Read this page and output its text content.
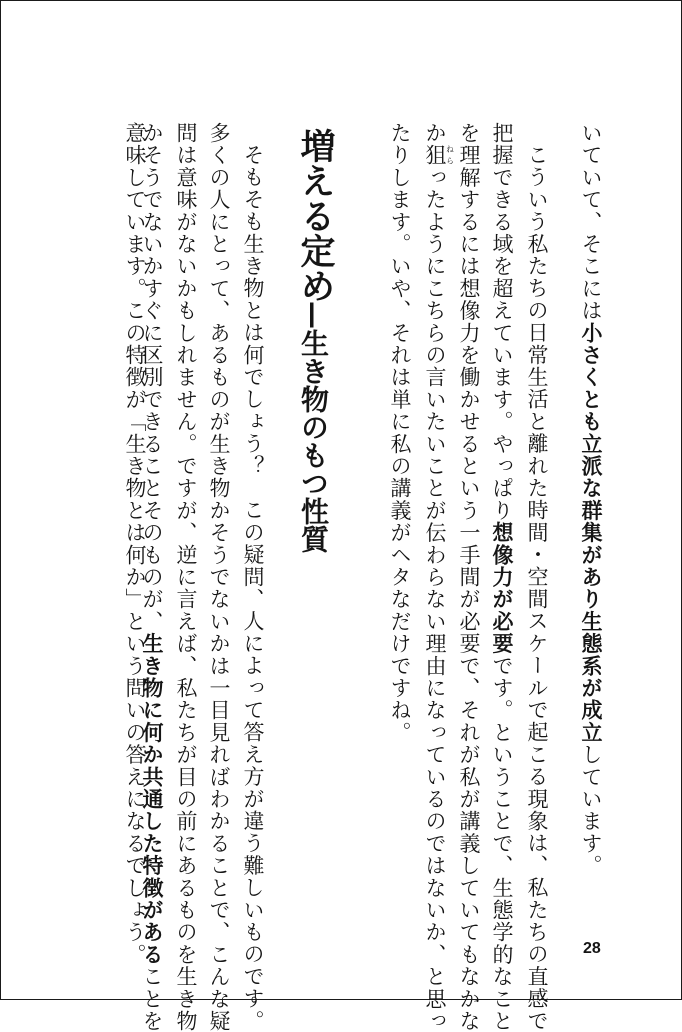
いていて、そこには小さくとも立派な群集があり生態系が成立しています。
こういう私たちの日常生活と離れた時間・空間スケールで起こる現象は、私たちの直感で
把握できる域を超えています。やっぱり想像力が必要です。ということで、生態学的なこと
を理解するには想像力を働かせるという一手間が必要で、それが私が講義していてもなかな
か狙ねらったようにこちらの言いたいことが伝わらない理由になっているのではないか、と思っ
たりします。いや、それは単に私の講義がヘタなだけですね。
増える定め
—生き物のもつ性質
そもそも生き物とは何でしょう？　この疑問、人によって答え方が違う難しいものです。
多くの人にとって、あるものが生き物かそうでないかは一目見ればわかることで、こんな疑
問は意味がないかもしれません。ですが、逆に言えば、私たちが目の前にあるものを生き物
かそうでないかすぐに区別できることそのものが、生き物に何か共通した特徴があることを
意味しています。この特徴が「生き物とは何か」という問いの答えになるでしょう。	28
